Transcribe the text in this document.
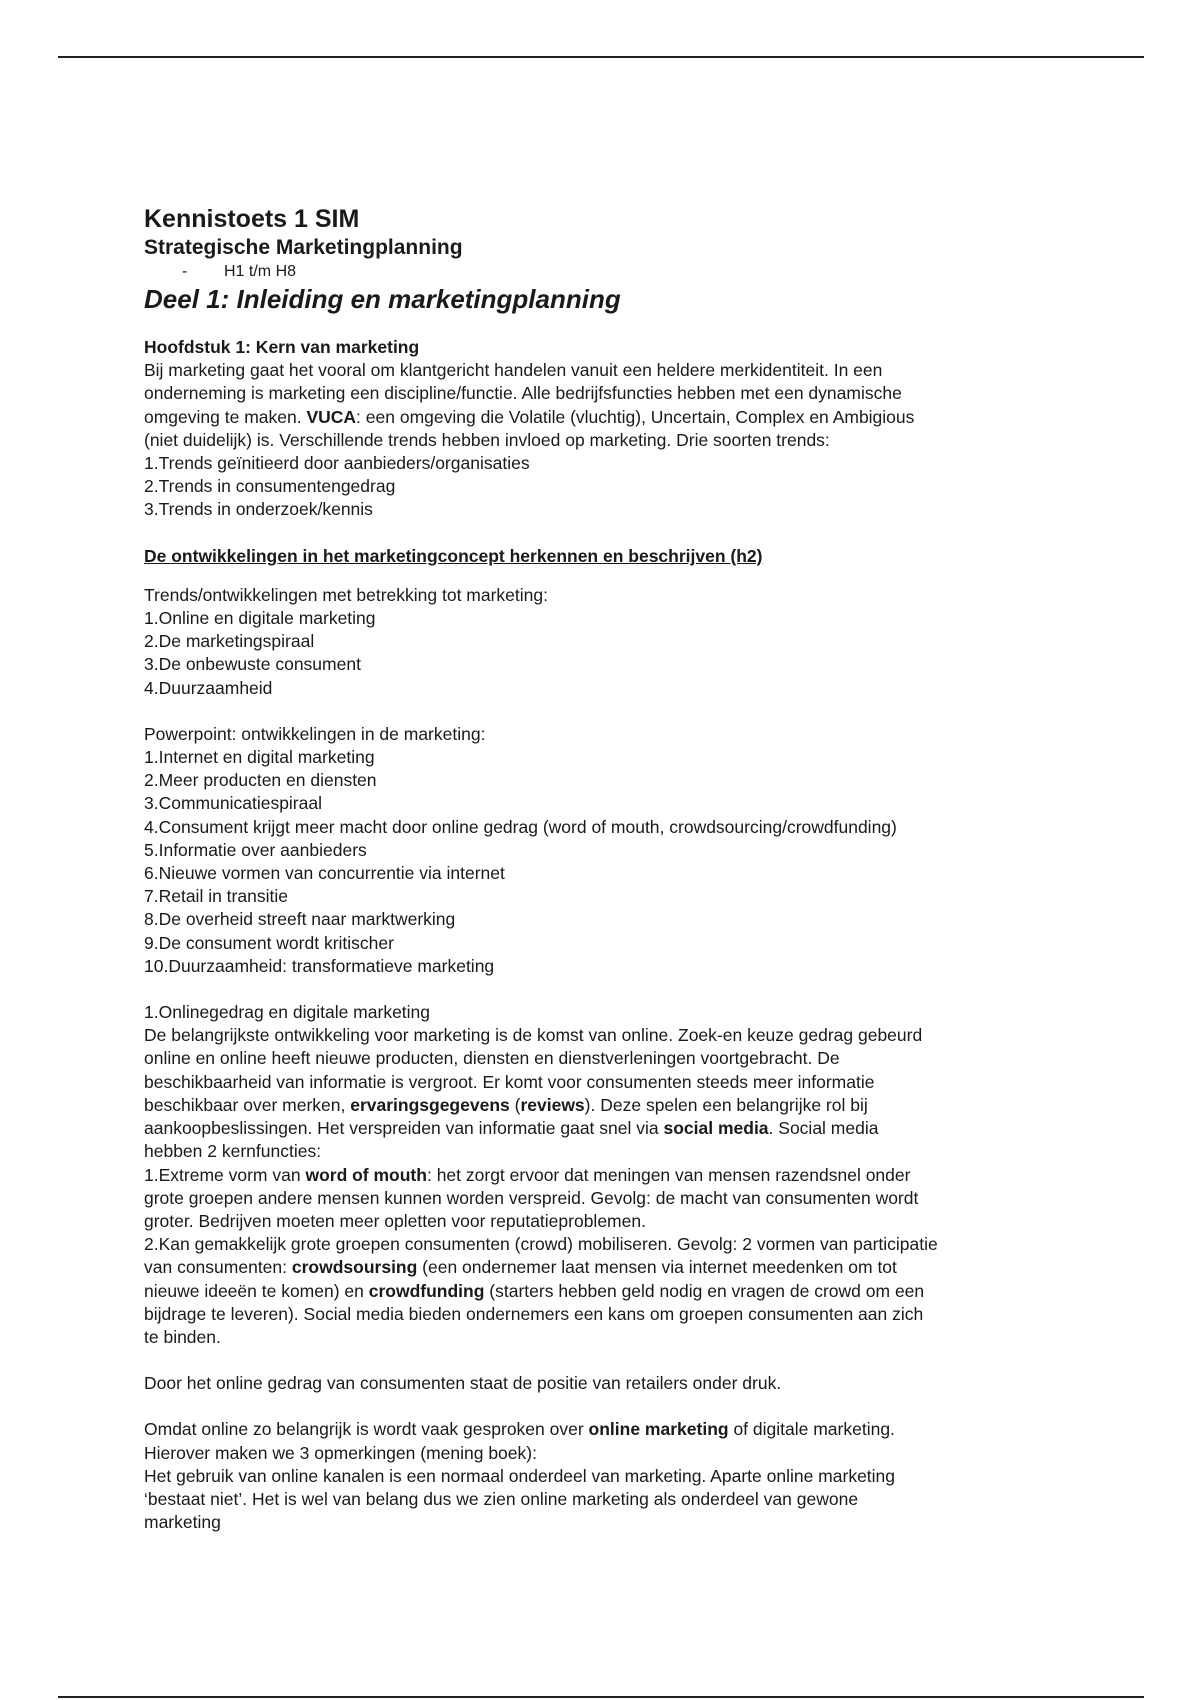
Kennistoets 1 SIM

Strategische Marketingplanning

- H1 t/m H8

Deel 1: Inleiding en marketingplanning

Hoofdstuk 1: Kern van marketing

Bij marketing gaat het vooral om klantgericht handelen vanuit een heldere merkidentiteit. In een

onderneming is marketing een discipline/functie. Alle bedrijfsfuncties hebben met een dynamische

omgeving te maken. VUCA: een omgeving die Volatile (vluchtig), Uncertain, Complex en Ambigious

(niet duidelijk) is. Verschillende trends hebben invloed op marketing. Drie soorten trends:

1.Trends geïnitieerd door aanbieders/organisaties

2.Trends in consumentengedrag

3.Trends in onderzoek/kennis

De ontwikkelingen in het marketingconcept herkennen en beschrijven (h2)

Trends/ontwikkelingen met betrekking tot marketing:

1.Online en digitale marketing

2.De marketingspiraal

3.De onbewuste consument

4.Duurzaamheid

Powerpoint: ontwikkelingen in de marketing:

1.Internet en digital marketing

2.Meer producten en diensten

3.Communicatiespiraal

4.Consument krijgt meer macht door online gedrag (word of mouth, crowdsourcing/crowdfunding)

5.Informatie over aanbieders

6.Nieuwe vormen van concurrentie via internet

7.Retail in transitie

8.De overheid streeft naar marktwerking

9.De consument wordt kritischer

10.Duurzaamheid: transformatieve marketing

1.Onlinegedrag en digitale marketing

De belangrijkste ontwikkeling voor marketing is de komst van online. Zoek-en keuze gedrag gebeurd

online en online heeft nieuwe producten, diensten en dienstverleningen voortgebracht. De

beschikbaarheid van informatie is vergroot. Er komt voor consumenten steeds meer informatie

beschikbaar over merken, ervaringsgegevens (reviews). Deze spelen een belangrijke rol bij

aankoopbeslissingen. Het verspreiden van informatie gaat snel via social media. Social media

hebben 2 kernfuncties:

1.Extreme vorm van word of mouth: het zorgt ervoor dat meningen van mensen razendsnel onder

grote groepen andere mensen kunnen worden verspreid. Gevolg: de macht van consumenten wordt

groter. Bedrijven moeten meer opletten voor reputatieproblemen.

2.Kan gemakkelijk grote groepen consumenten (crowd) mobiliseren. Gevolg: 2 vormen van participatie

van consumenten: crowdsoursing (een ondernemer laat mensen via internet meedenken om tot

nieuwe ideeën te komen) en crowdfunding (starters hebben geld nodig en vragen de crowd om een

bijdrage te leveren). Social media bieden ondernemers een kans om groepen consumenten aan zich

te binden.

Door het online gedrag van consumenten staat de positie van retailers onder druk.

Omdat online zo belangrijk is wordt vaak gesproken over online marketing of digitale marketing.

Hierover maken we 3 opmerkingen (mening boek):

Het gebruik van online kanalen is een normaal onderdeel van marketing. Aparte online marketing

‘bestaat niet’. Het is wel van belang dus we zien online marketing als onderdeel van gewone

marketing
